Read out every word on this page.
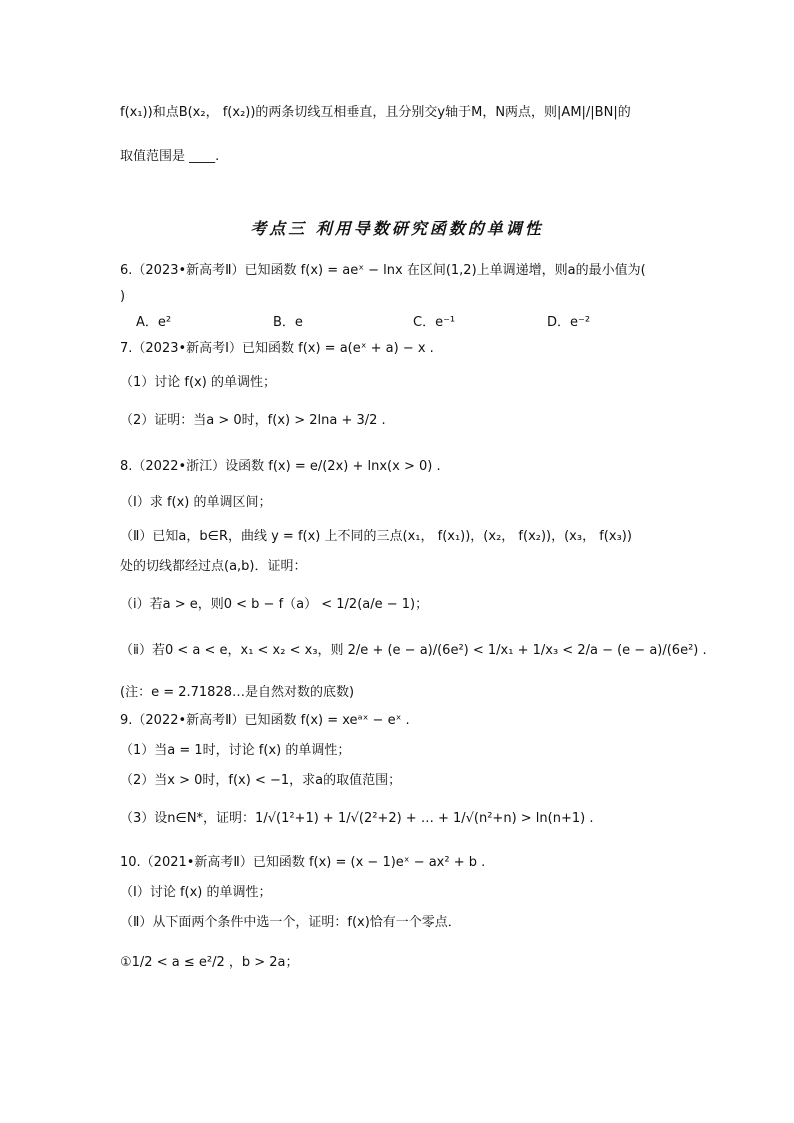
f(x₁))和点B(x₂， f(x₂))的两条切线互相垂直，且分别交y轴于M，N两点，则|AM|/|BN|的
取值范围是 ____.
考点三 利用导数研究函数的单调性
6.（2023•新高考Ⅱ）已知函数 f(x) = aeˣ − lnx 在区间(1,2)上单调递增，则a的最小值为(
)
A．e²	B．e	C．e⁻¹	D．e⁻²
7.（2023•新高考Ⅰ）已知函数 f(x) = a(eˣ + a) − x .
（1）讨论 f(x) 的单调性；
（2）证明：当a > 0时，f(x) > 2lna + 3/2 .
8.（2022•浙江）设函数 f(x) = e/(2x) + lnx(x > 0) .
（Ⅰ）求 f(x) 的单调区间；
（Ⅱ）已知a，b∈R，曲线 y = f(x) 上不同的三点(x₁， f(x₁))，(x₂， f(x₂))，(x₃， f(x₃))
处的切线都经过点(a,b)．证明：
（ⅰ）若a > e，则0 < b − f（a） < 1/2(a/e − 1)；
（ⅱ）若0 < a < e，x₁ < x₂ < x₃，则 2/e + (e − a)/(6e²) < 1/x₁ + 1/x₃ < 2/a − (e − a)/(6e²) .
(注：e = 2.71828…是自然对数的底数)
9.（2022•新高考Ⅱ）已知函数 f(x) = xeᵃˣ − eˣ .
（1）当a = 1时，讨论 f(x) 的单调性；
（2）当x > 0时，f(x) < −1，求a的取值范围；
（3）设n∈N*，证明：1/√(1²+1) + 1/√(2²+2) + … + 1/√(n²+n) > ln(n+1) .
10.（2021•新高考Ⅱ）已知函数 f(x) = (x − 1)eˣ − ax² + b .
（Ⅰ）讨论 f(x) 的单调性；
（Ⅱ）从下面两个条件中选一个，证明：f(x)恰有一个零点．
①1/2 < a ≤ e²/2 ，b > 2a；
